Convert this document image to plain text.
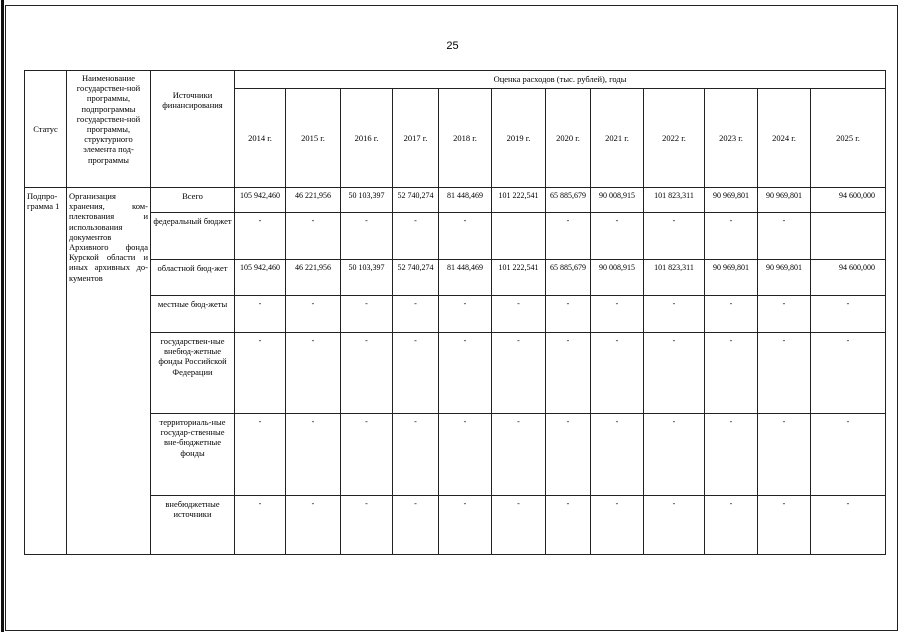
25
Статус	Наименование государствен-ной программы, подпрограммы государствен-ной программы, структурного элемента под-программы	Источники финансирования	Оценка расходов (тыс. рублей), годы											
			2014 г.	2015 г.	2016 г.	2017 г.	2018 г.	2019 г.	2020 г.	2021 г.	2022 г.	2023 г.	2024 г.	2025 г.
Подпро-грамма 1	Организация хранения, ком-плектования и использования документов Архивного фонда Курской области и иных архивных до-кументов	Всего	105 942,460	46 221,956	50 103,397	52 740,274	81 448,469	101 222,541	65 885,679	90 008,915	101 823,311	90 969,801	90 969,801	94 600,000
		федеральный бюджет	-	-	-	-	-		-	-	-	-	-	
		областной бюд-жет	105 942,460	46 221,956	50 103,397	52 740,274	81 448,469	101 222,541	65 885,679	90 008,915	101 823,311	90 969,801	90 969,801	94 600,000
		местные бюд-жеты	-	-	-	-	-	-	-	-	-	-	-	-
		государствен-ные внебюд-жетные фонды Российской Федерации	-	-	-	-	-	-	-	-	-	-	-	-
		территориаль-ные государ-ственные вне-бюджетные фонды	-	-	-	-	-	-	-	-	-	-	-	-
		внебюджетные источники	-	-	-	-	-	-	-	-	-	-	-	-
